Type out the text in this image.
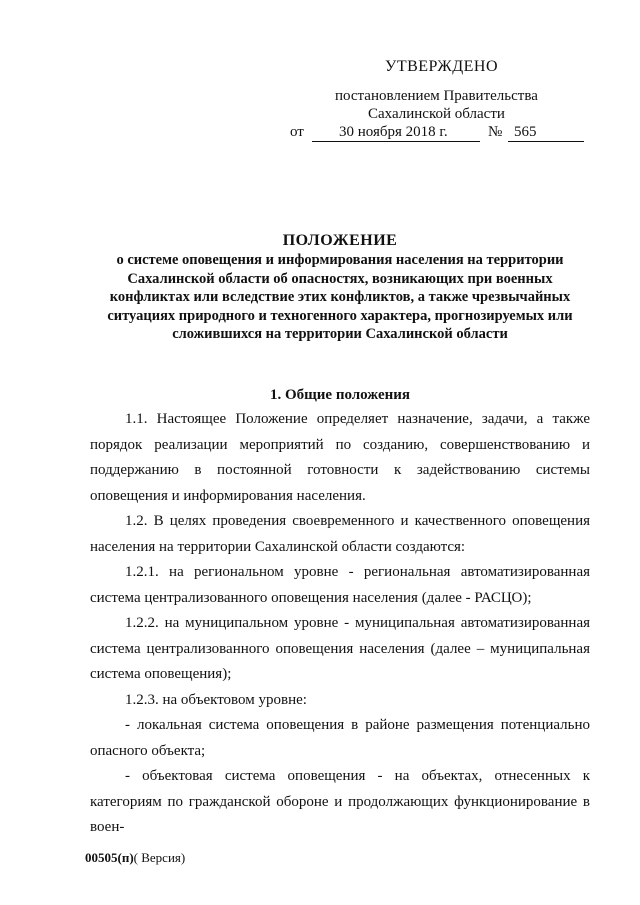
УТВЕРЖДЕНО
постановлением Правительства
Сахалинской области
от 30 ноября 2018 г.	№ 565
ПОЛОЖЕНИЕ
о системе оповещения и информирования населения на территории
Сахалинской области об опасностях, возникающих при военных
конфликтах или вследствие этих конфликтов, а также чрезвычайных
ситуациях природного и техногенного характера, прогнозируемых или
сложившихся на территории Сахалинской области
1. Общие положения

1.1. Настоящее Положение определяет назначение, задачи, а также порядок реализации мероприятий по созданию, совершенствованию и поддержанию в постоянной готовности к задействованию системы оповещения и информирования населения.

1.2. В целях проведения своевременного и качественного оповещения населения на территории Сахалинской области создаются:

1.2.1. на региональном уровне - региональная автоматизированная система централизованного оповещения населения (далее - РАСЦО);

1.2.2. на муниципальном уровне - муниципальная автоматизированная система централизованного оповещения населения (далее – муниципальная система оповещения);

1.2.3. на объектовом уровне:

- локальная система оповещения в районе размещения потенциально опасного объекта;

- объектовая система оповещения - на объектах, отнесенных к категориям по гражданской обороне и продолжающих функционирование в воен-

00505(п)( Версия)
